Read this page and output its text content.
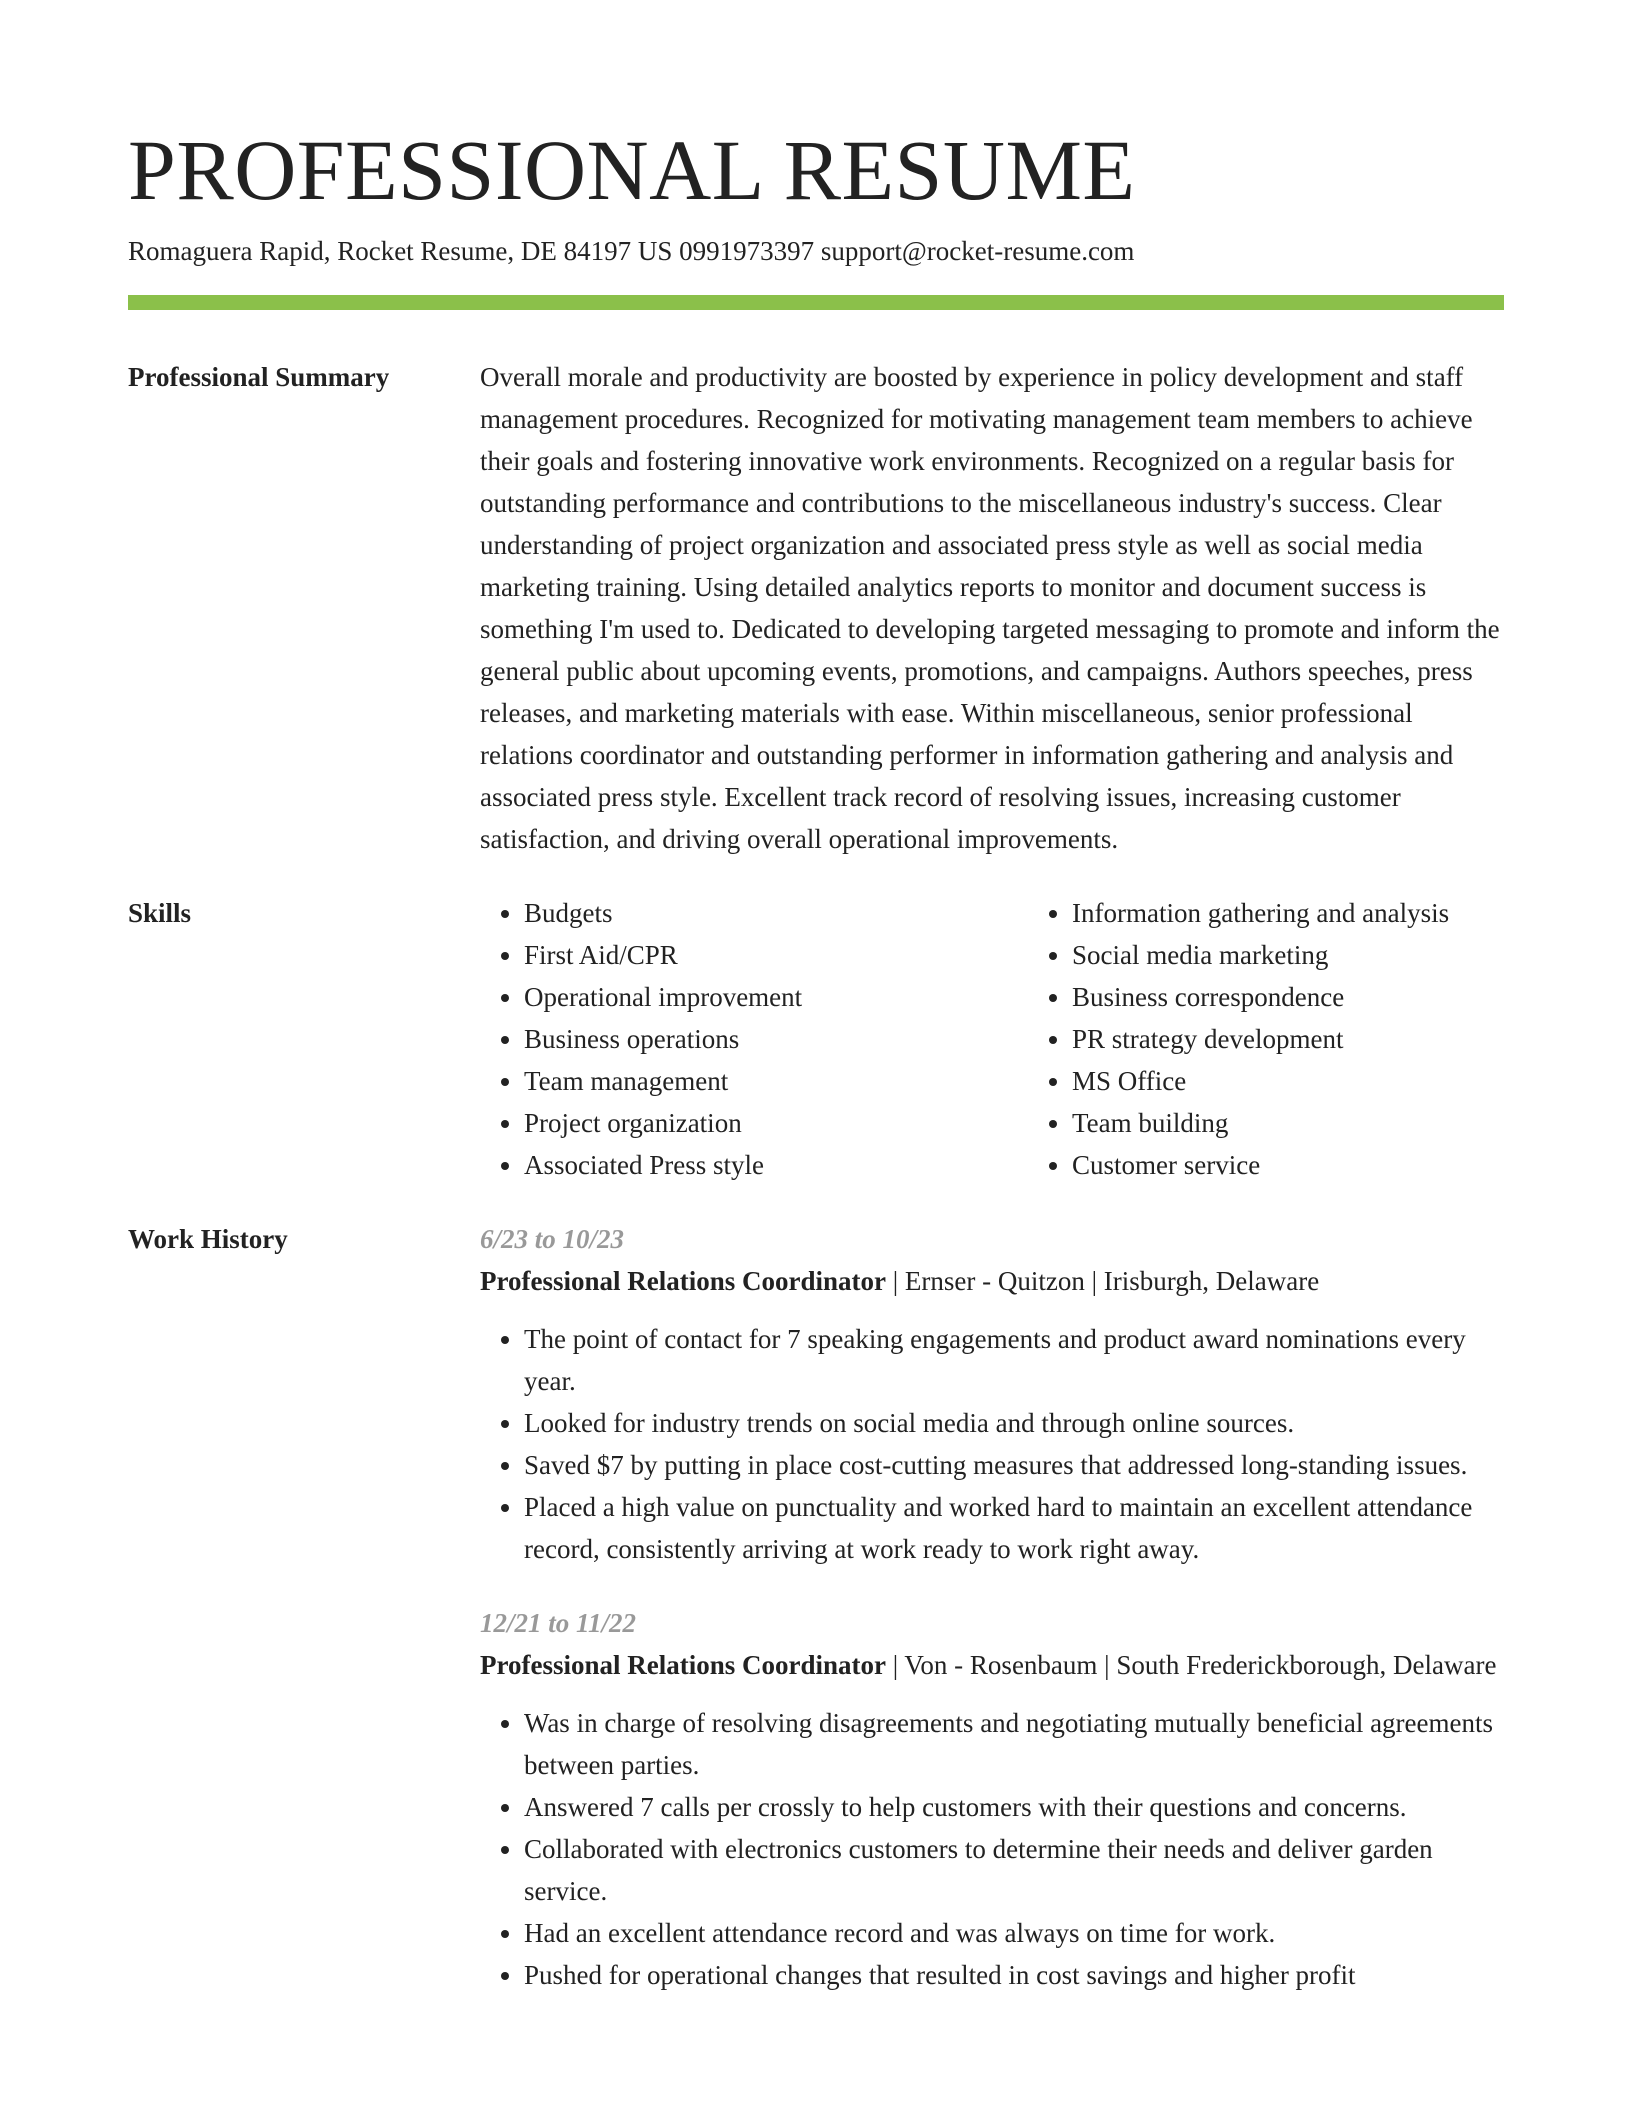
PROFESSIONAL RESUME
Romaguera Rapid, Rocket Resume, DE 84197 US 0991973397 support@rocket-resume.com
Professional Summary	Overall morale and productivity are boosted by experience in policy development and staff management procedures. Recognized for motivating management team members to achieve their goals and fostering innovative work environments. Recognized on a regular basis for outstanding performance and contributions to the miscellaneous industry's success. Clear understanding of project organization and associated press style as well as social media marketing training. Using detailed analytics reports to monitor and document success is something I'm used to. Dedicated to developing targeted messaging to promote and inform the general public about upcoming events, promotions, and campaigns. Authors speeches, press releases, and marketing materials with ease. Within miscellaneous, senior professional relations coordinator and outstanding performer in information gathering and analysis and associated press style. Excellent track record of resolving issues, increasing customer satisfaction, and driving overall operational improvements.
Skills
•	Budgets
• First Aid/CPR
• Operational improvement
• Business operations
• Team management
• Project organization
• Associated Press style
• Information gathering and analysis
• Social media marketing
• Business correspondence
• PR strategy development
• MS Office
• Team building
• Customer service
Work History	6/23 to 10/23
Professional Relations Coordinator | Ernser - Quitzon | Irisburgh, Delaware
• The point of contact for 7 speaking engagements and product award nominations every year.
• Looked for industry trends on social media and through online sources.
• Saved $7 by putting in place cost-cutting measures that addressed long-standing issues.
• Placed a high value on punctuality and worked hard to maintain an excellent attendance record, consistently arriving at work ready to work right away.
12/21 to 11/22
Professional Relations Coordinator | Von - Rosenbaum | South Frederickborough, Delaware
• Was in charge of resolving disagreements and negotiating mutually beneficial agreements between parties.
• Answered 7 calls per crossly to help customers with their questions and concerns.
• Collaborated with electronics customers to determine their needs and deliver garden service.
• Had an excellent attendance record and was always on time for work.
• Pushed for operational changes that resulted in cost savings and higher profit
